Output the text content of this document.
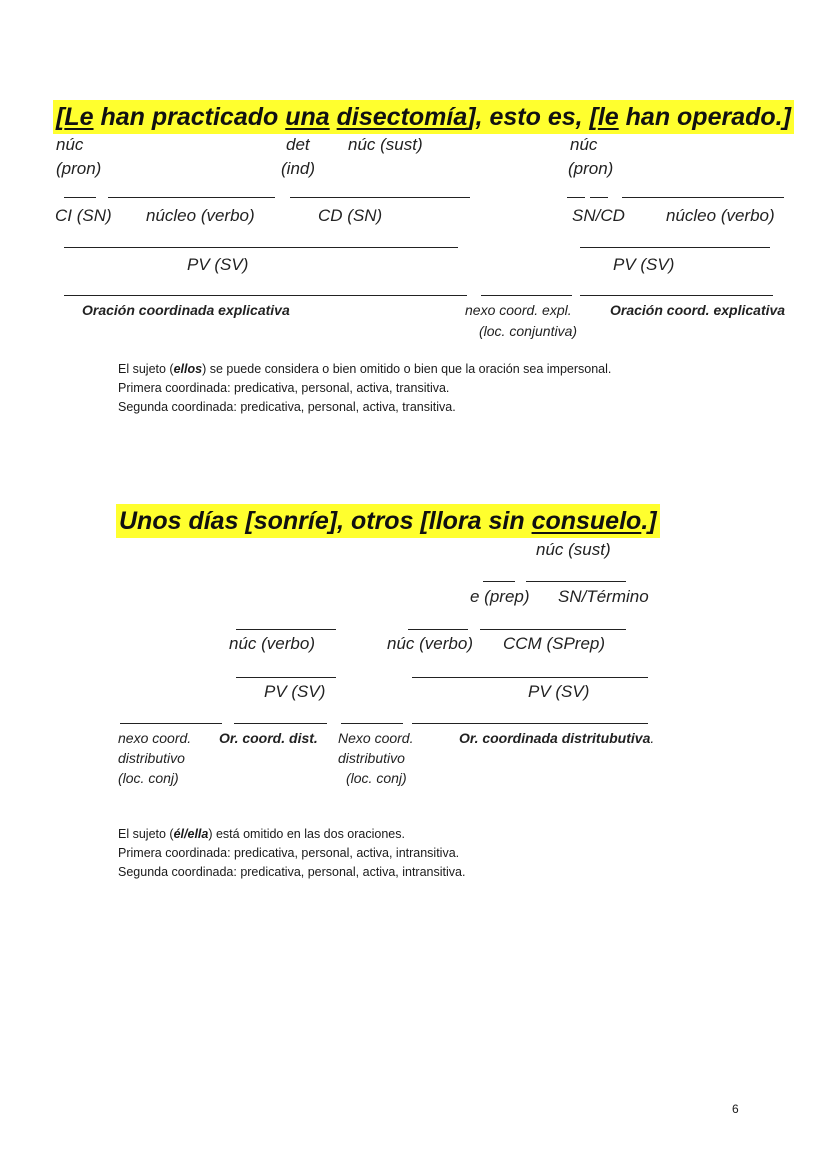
[Le han practicado una disectomía], esto es, [le han operado.]
núc	det núc (sust)	núc
(pron)	(ind)	(pron)
CI (SN) núcleo (verbo)	CD (SN)	SN/CD núcleo (verbo)
PV (SV)	PV (SV)
Oración coordinada explicativa	nexo coord. expl.	Oración coord. explicativa
(loc. conjuntiva)
El sujeto (ellos) se puede considera o bien omitido o bien que la oración sea impersonal.
Primera coordinada: predicativa, personal, activa, transitiva.
Segunda coordinada: predicativa, personal, activa, transitiva.
Unos días [sonríe], otros [llora sin consuelo.]
núc (sust)
e (prep) SN/Término
núc (verbo)	núc (verbo) CCM (SPrep)
PV (SV)	PV (SV)
nexo coord. Or. coord. dist. Nexo coord.	Or. coordinada distritubutiva.
distributivo	distributivo
(loc. conj)	(loc. conj)
El sujeto (él/ella) está omitido en las dos oraciones.
Primera coordinada: predicativa, personal, activa, intransitiva.
Segunda coordinada: predicativa, personal, activa, intransitiva.
6
